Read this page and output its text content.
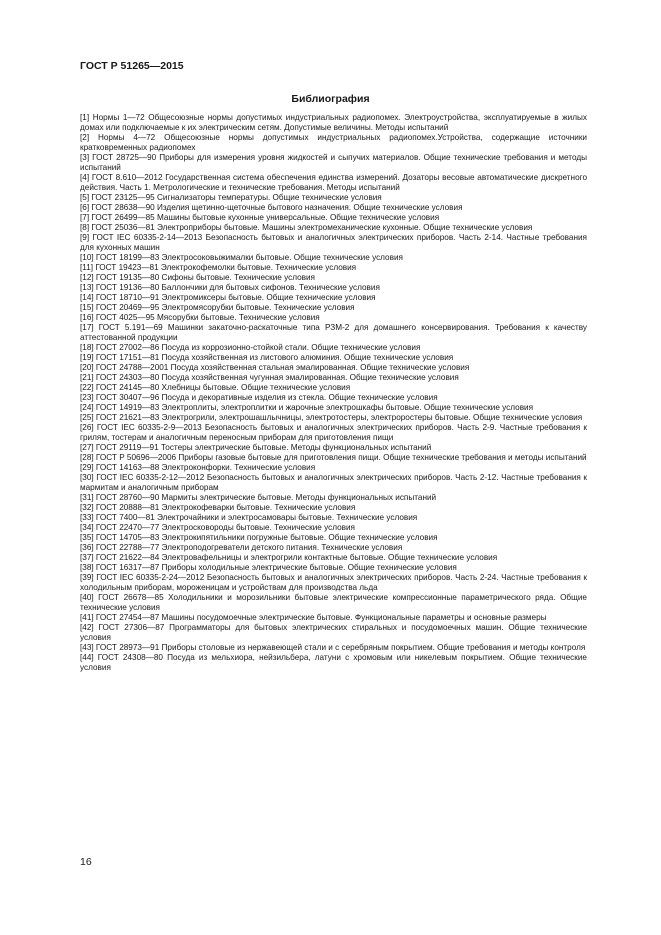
ГОСТ Р 51265—2015
Библиография
[1] Нормы 1—72 Общесоюзные нормы допустимых индустриальных радиопомех. Электроустройства, эксплуатируемые в жилых домах или подключаемые к их электрическим сетям. Допустимые величины. Методы испытаний
[2] Нормы 4—72 Общесоюзные нормы допустимых индустриальных радиопомех.Устройства, содержащие источники кратковременных радиопомех
[3] ГОСТ 28725—90 Приборы для измерения уровня жидкостей и сыпучих материалов. Общие технические требования и методы испытаний
[4] ГОСТ 8.610—2012 Государственная система обеспечения единства измерений. Дозаторы весовые автоматические дискретного действия. Часть 1. Метрологические и технические требования. Методы испытаний
[5] ГОСТ 23125—95 Сигнализаторы температуры. Общие технические условия
[6] ГОСТ 28638—90 Изделия щетинно-щеточные бытового назначения. Общие технические условия
[7] ГОСТ 26499—85 Машины бытовые кухонные универсальные. Общие технические условия
[8] ГОСТ 25036—81 Электроприборы бытовые. Машины электромеханические кухонные. Общие технические условия
[9] ГОСТ IEC 60335-2-14—2013 Безопасность бытовых и аналогичных электрических приборов. Часть 2-14. Частные требования для кухонных машин
[10] ГОСТ 18199—83 Электросоковыжималки бытовые. Общие технические условия
[11] ГОСТ 19423—81 Электрокофемолки бытовые. Технические условия
[12] ГОСТ 19135—80 Сифоны бытовые. Технические условия
[13] ГОСТ 19136—80 Баллончики для бытовых сифонов. Технические условия
[14] ГОСТ 18710—91 Электромиксеры бытовые. Общие технические условия
[15] ГОСТ 20469—95 Электромясорубки бытовые. Технические условия
[16] ГОСТ 4025—95 Мясорубки бытовые. Технические условия
[17] ГОСТ 5.191—69 Машинки закаточно-раскаточные типа РЗМ-2 для домашнего консервирования. Требования к качеству аттестованной продукции
[18] ГОСТ 27002—86 Посуда из коррозионно-стойкой стали. Общие технические условия
[19] ГОСТ 17151—81 Посуда хозяйственная из листового алюминия. Общие технические условия
[20] ГОСТ 24788—2001 Посуда хозяйственная стальная эмалированная. Общие технические условия
[21] ГОСТ 24303—80 Посуда хозяйственная чугунная эмалированная. Общие технические условия
[22] ГОСТ 24145—80 Хлебницы бытовые. Общие технические условия
[23] ГОСТ 30407—96 Посуда и декоративные изделия из стекла. Общие технические условия
[24] ГОСТ 14919—83 Электроплиты, электроплитки и жарочные электрошкафы бытовые. Общие технические условия
[25] ГОСТ 21621—83 Электрогрили, электрошашлычницы, электротостеры, электроростеры бытовые. Общие технические условия
[26] ГОСТ IEC 60335-2-9—2013 Безопасность бытовых и аналогичных электрических приборов. Часть 2-9. Частные требования к грилям, тостерам и аналогичным переносным приборам для приготовления пищи
[27] ГОСТ 29119—91 Тостеры электрические бытовые. Методы функциональных испытаний
[28] ГОСТ Р 50696—2006 Приборы газовые бытовые для приготовления пищи. Общие технические требования и методы испытаний
[29] ГОСТ 14163—88 Электроконфорки. Технические условия
[30] ГОСТ IEC 60335-2-12—2012 Безопасность бытовых и аналогичных электрических приборов. Часть 2-12. Частные требования к мармитам и аналогичным приборам
[31] ГОСТ 28760—90 Мармиты электрические бытовые. Методы функциональных испытаний
[32] ГОСТ 20888—81 Электрокофеварки бытовые. Технические условия
[33] ГОСТ 7400—81 Электрочайники и электросамовары бытовые. Технические условия
[34] ГОСТ 22470—77 Электросковороды бытовые. Технические условия
[35] ГОСТ 14705—83 Электрокипятильники погружные бытовые. Общие технические условия
[36] ГОСТ 22788—77 Электроподогреватели детского питания. Технические условия
[37] ГОСТ 21622—84 Электровафельницы и электрогрили контактные бытовые. Общие технические условия
[38] ГОСТ 16317—87 Приборы холодильные электрические бытовые. Общие технические условия
[39] ГОСТ IEC 60335-2-24—2012 Безопасность бытовых и аналогичных электрических приборов. Часть 2-24. Частные требования к холодильным приборам, мороженицам и устройствам для производства льда
[40] ГОСТ 26678—85 Холодильники и морозильники бытовые электрические компрессионные параметрического ряда. Общие технические условия
[41] ГОСТ 27454—87 Машины посудомоечные электрические бытовые. Функциональные параметры и основные размеры
[42] ГОСТ 27306—87 Программаторы для бытовых электрических стиральных и посудомоечных машин. Общие технические условия
[43] ГОСТ 28973—91 Приборы столовые из нержавеющей стали и с серебряным покрытием. Общие требования и методы контроля
[44] ГОСТ 24308—80 Посуда из мельхиора, нейзильбера, латуни с хромовым или никелевым покрытием. Общие технические условия
16
